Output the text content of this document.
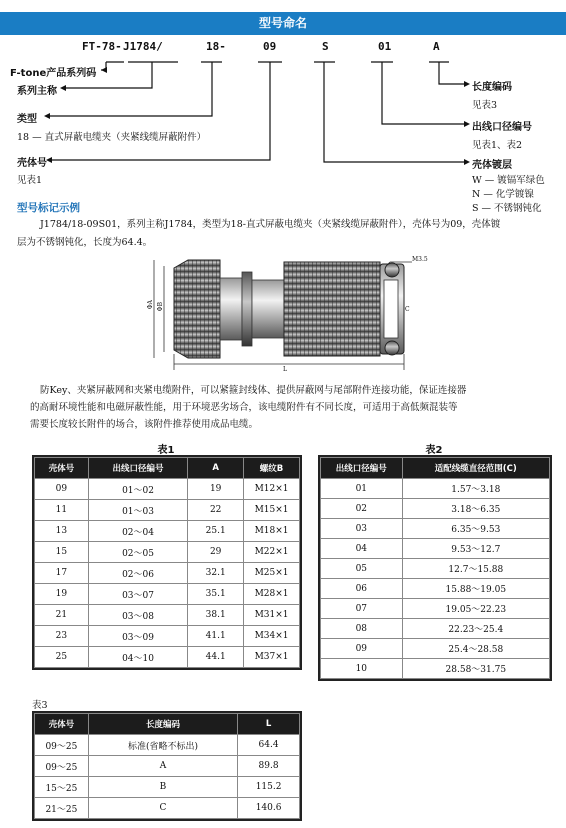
型号命名
FT-78- J1784/	18-	09	S	01	A
F-tone产品系列码
系列主称
类型
18 — 直式屏蔽电缆夹（夹紧线缆屏蔽附件）
壳体号
见表1
长度编码
见表3
出线口径编号
见表1、表2
壳体镀层
W — 镀镉军绿色
N — 化学镀镍
S — 不锈钢钝化
型号标记示例
J1784/18-09S01，系列主称J1784，类型为18-直式屏蔽电缆夹（夹紧线缆屏蔽附件），壳体号为09，壳体镀
层为不锈钢钝化，长度为64.4。
ΦA ΦB
M3.5
C
L
防Key、夹紧屏蔽网和夹紧电缆附件，可以紧箍封线体、提供屏蔽网与尾部附件连接功能，保证连接器
的高耐环境性能和电磁屏蔽性能，用于环境恶劣场合，该电缆附件有不同长度，可适用于高低频混装等
需要长度较长附件的场合，该附件推荐使用成品电缆。
表1
壳体号	出线口径编号	A	螺纹B
09	01～02	19	M12×1
11	01～03	22	M15×1
13	02～04	25.1	M18×1
15	02～05	29	M22×1
17	02～06	32.1	M25×1
19	03～07	35.1	M28×1
21	03～08	38.1	M31×1
23	03～09	41.1	M34×1
25	04～10	44.1	M37×1
表2
出线口径编号	适配线缆直径范围(C)
01	1.57～3.18
02	3.18～6.35
03	6.35～9.53
04	9.53～12.7
05	12.7～15.88
06	15.88～19.05
07	19.05～22.23
08	22.23～25.4
09	25.4～28.58
10	28.58～31.75
表3
壳体号	长度编码	L
09～25	标准(省略不标出)	64.4
09～25	A	89.8
15～25	B	115.2
21～25	C	140.6
